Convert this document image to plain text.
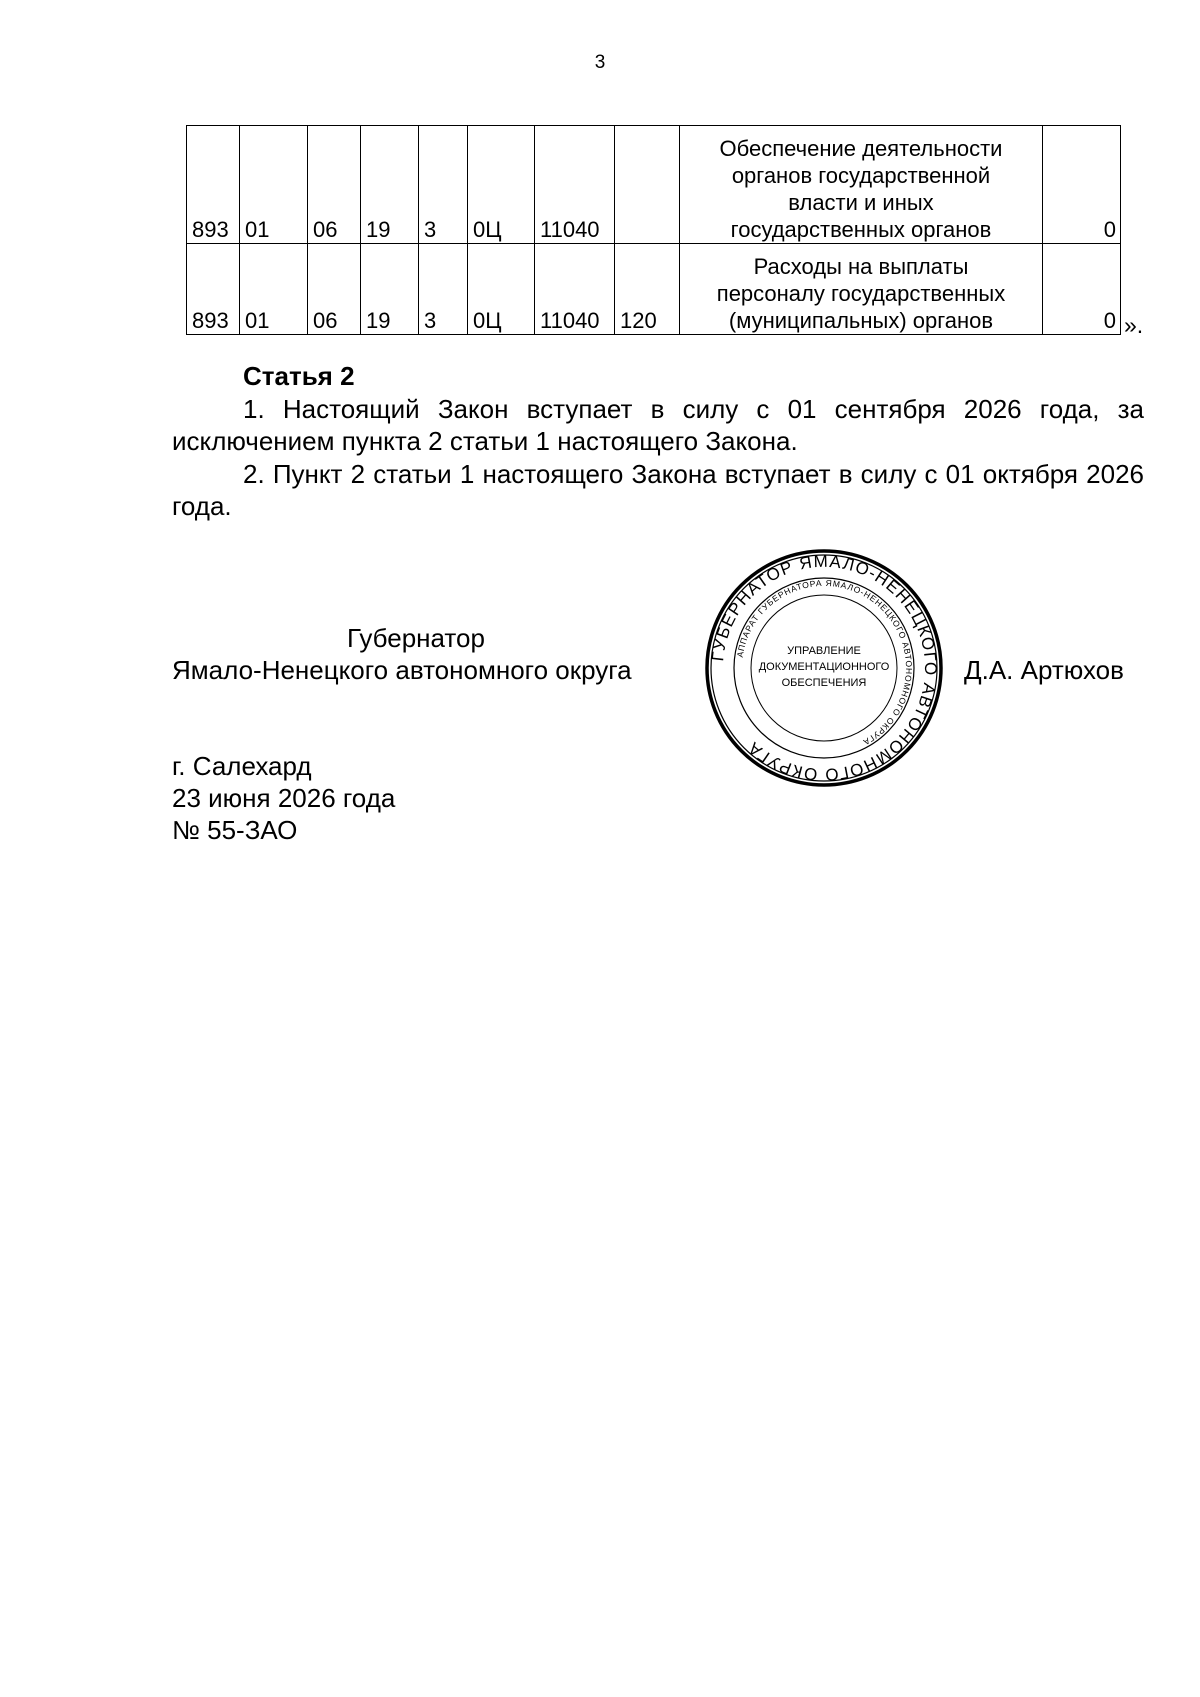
3
893	01	06	19	3	0Ц	11040		Обеспечение деятельности
органов государственной
власти и иных
государственных органов	0
893	01	06	19	3	0Ц	11040	120	Расходы на выплаты
персоналу государственных
(муниципальных) органов	0 ».
Статья 2

1. Настоящий Закон вступает в силу с 01 сентября 2026 года, за исключением пункта 2 статьи 1 настоящего Закона.

2. Пункт 2 статьи 1 настоящего Закона вступает в силу с 01 октября 2026 года.

Губернатор
Ямало-Ненецкого автономного округа	Д.А. Артюхов
ГУБЕРНАТОР ЯМАЛО-НЕНЕЦКОГО АВТОНОМНОГО ОКРУГА
АППАРАТ ГУБЕРНАТОРА ЯМАЛО-НЕНЕЦКОГО АВТОНОМНОГО ОКРУГА
УПРАВЛЕНИЕ
ДОКУМЕНТАЦИОННОГО
ОБЕСПЕЧЕНИЯ
г. Салехард
23 июня 2026 года
№ 55-ЗАО
